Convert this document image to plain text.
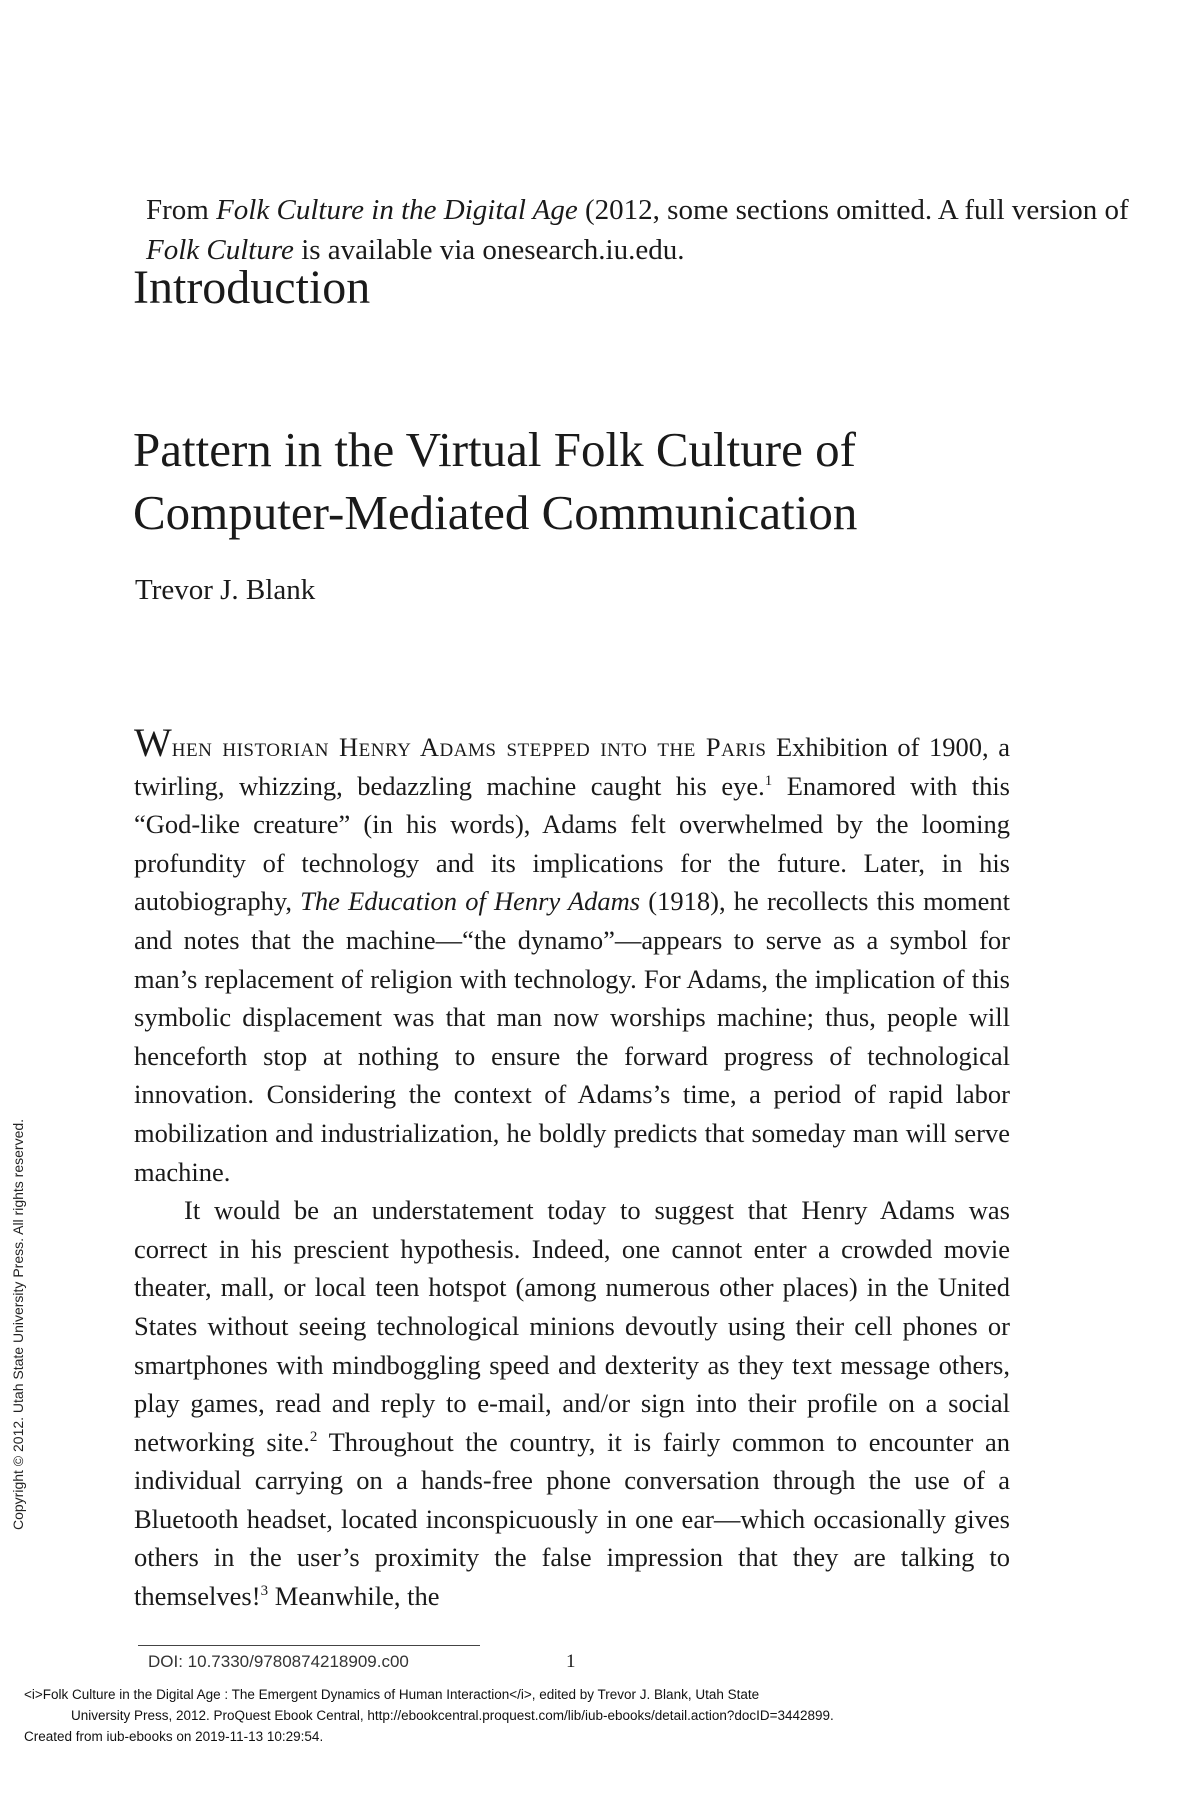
From Folk Culture in the Digital Age (2012, some sections omitted. A full version of Folk Culture is available via onesearch.iu.edu.
Introduction
Pattern in the Virtual Folk Culture of
Computer-Mediated Communication
Trevor J. Blank

When historian Henry Adams stepped into the Paris Exhibition of 1900, a twirling, whizzing, bedazzling machine caught his eye.$^1$ Enamored with this “God-like creature” (in his words), Adams felt overwhelmed by the looming profundity of technology and its implications for the future. Later, in his autobiography, The Education of Henry Adams (1918), he recollects this moment and notes that the machine—“the dynamo”—appears to serve as a symbol for man’s replacement of religion with technology. For Adams, the implication of this symbolic displacement was that man now worships machine; thus, people will henceforth stop at nothing to ensure the forward progress of technological innovation. Considering the context of Adams’s time, a period of rapid labor mobilization and industrialization, he boldly predicts that someday man will serve machine.

It would be an understatement today to suggest that Henry Adams was correct in his prescient hypothesis. Indeed, one cannot enter a crowded movie theater, mall, or local teen hotspot (among numerous other places) in the United States without seeing technological minions devoutly using their cell phones or smartphones with mindboggling speed and dexterity as they text message others, play games, read and reply to e-mail, and/or sign into their profile on a social networking site.$^2$ Throughout the country, it is fairly common to encounter an individual carrying on a hands-free phone conversation through the use of a Bluetooth headset, located inconspicuously in one ear—which occasionally gives others in the user’s proximity the false impression that they are talking to themselves!$^3$ Meanwhile, the

Copyright © 2012. Utah State University Press. All rights reserved.
DOI: 10.7330/9780874218909.c00	1
<i>Folk Culture in the Digital Age : The Emergent Dynamics of Human Interaction</i>, edited by Trevor J. Blank, Utah State
University Press, 2012. ProQuest Ebook Central, http://ebookcentral.proquest.com/lib/iub-ebooks/detail.action?docID=3442899.
Created from iub-ebooks on 2019-11-13 10:29:54.
